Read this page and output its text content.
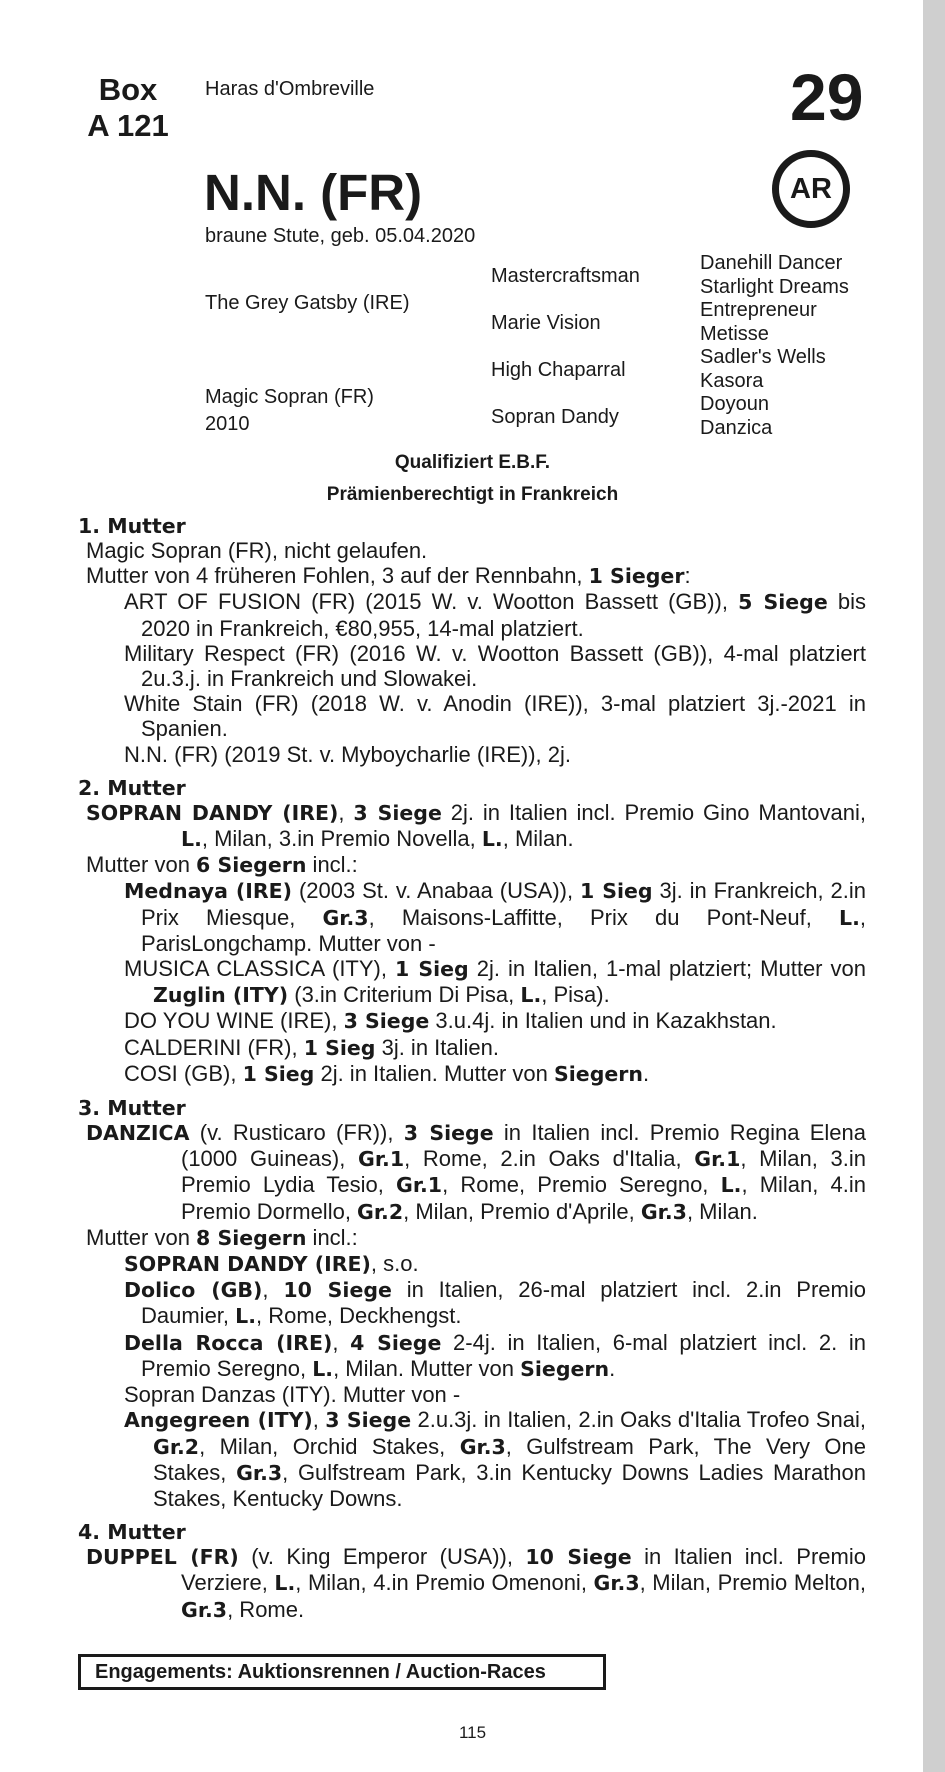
Box
A 121
Haras d'Ombreville	29
AR
N.N. (FR)
braune Stute, geb. 05.04.2020
The Grey Gatsby (IRE)
Magic Sopran (FR)
2010
Mastercraftsman
Marie Vision
High Chaparral
Sopran Dandy
Danehill Dancer
Starlight Dreams
Entrepreneur
Metisse
Sadler's Wells
Kasora
Doyoun
Danzica
Qualifiziert E.B.F.
Prämienberechtigt in Frankreich
1. Mutter
Magic Sopran (FR), nicht gelaufen.
Mutter von 4 früheren Fohlen, 3 auf der Rennbahn, 1 Sieger:
ART OF FUSION (FR) (2015 W. v. Wootton Bassett (GB)), 5 Siege bis 2020 in Frankreich, €80,955, 14-mal platziert.
Military Respect (FR) (2016 W. v. Wootton Bassett (GB)), 4-mal platziert 2u.3.j. in Frankreich und Slowakei.
White Stain (FR) (2018 W. v. Anodin (IRE)), 3-mal platziert 3j.-2021 in Spanien.
N.N. (FR) (2019 St. v. Myboycharlie (IRE)), 2j.
2. Mutter
SOPRAN DANDY (IRE), 3 Siege 2j. in Italien incl. Premio Gino Mantovani, L., Milan, 3.in Premio Novella, L., Milan.
Mutter von 6 Siegern incl.:
Mednaya (IRE) (2003 St. v. Anabaa (USA)), 1 Sieg 3j. in Frankreich, 2.in Prix Miesque, Gr.3, Maisons-Laffitte, Prix du Pont-Neuf, L., ParisLongchamp. Mutter von -
MUSICA CLASSICA (ITY), 1 Sieg 2j. in Italien, 1-mal platziert; Mutter von Zuglin (ITY) (3.in Criterium Di Pisa, L., Pisa).
DO YOU WINE (IRE), 3 Siege 3.u.4j. in Italien und in Kazakhstan.
CALDERINI (FR), 1 Sieg 3j. in Italien.
COSI (GB), 1 Sieg 2j. in Italien. Mutter von Siegern.
3. Mutter
DANZICA (v. Rusticaro (FR)), 3 Siege in Italien incl. Premio Regina Elena (1000 Guineas), Gr.1, Rome, 2.in Oaks d'Italia, Gr.1, Milan, 3.in Premio Lydia Tesio, Gr.1, Rome, Premio Seregno, L., Milan, 4.in Premio Dormello, Gr.2, Milan, Premio d'Aprile, Gr.3, Milan.
Mutter von 8 Siegern incl.:
SOPRAN DANDY (IRE), s.o.
Dolico (GB), 10 Siege in Italien, 26-mal platziert incl. 2.in Premio Daumier, L., Rome, Deckhengst.
Della Rocca (IRE), 4 Siege 2-4j. in Italien, 6-mal platziert incl. 2. in Premio Seregno, L., Milan. Mutter von Siegern.
Sopran Danzas (ITY). Mutter von -
Angegreen (ITY), 3 Siege 2.u.3j. in Italien, 2.in Oaks d'Italia Trofeo Snai, Gr.2, Milan, Orchid Stakes, Gr.3, Gulfstream Park, The Very One Stakes, Gr.3, Gulfstream Park, 3.in Kentucky Downs Ladies Marathon Stakes, Kentucky Downs.
4. Mutter
DUPPEL (FR) (v. King Emperor (USA)), 10 Siege in Italien incl. Premio Verziere, L., Milan, 4.in Premio Omenoni, Gr.3, Milan, Premio Melton, Gr.3, Rome.
Engagements: Auktionsrennen / Auction-Races
115
